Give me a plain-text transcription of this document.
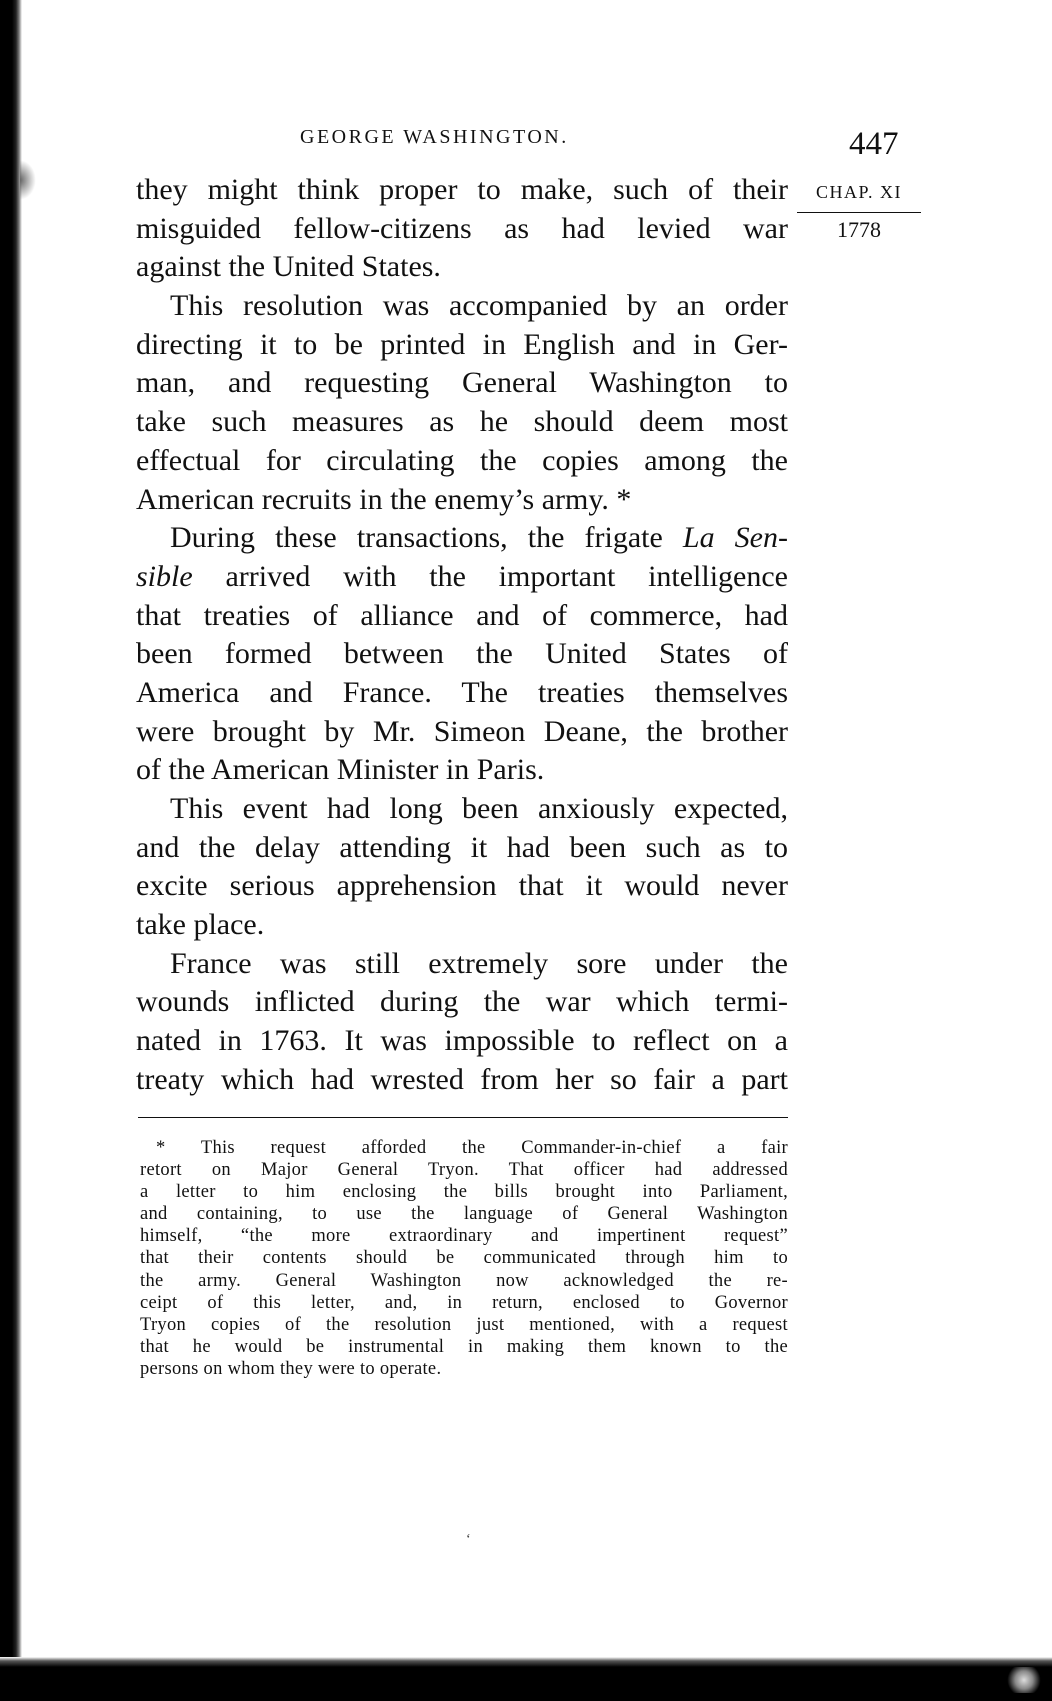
GEORGE WASHINGTON.	447
CHAP. XI
1778
they might think proper to make, such of their
misguided fellow-citizens as had levied war
against the United States.
This resolution was accompanied by an order
directing it to be printed in English and in Ger-
man, and requesting General Washington to
take such measures as he should deem most
effectual for circulating the copies among the
American recruits in the enemy’s army. *
During these transactions, the frigate La Sen-
sible arrived with the important intelligence
that treaties of alliance and of commerce, had
been formed between the United States of
America and France. The treaties themselves
were brought by Mr. Simeon Deane, the brother
of the American Minister in Paris.
This event had long been anxiously expected,
and the delay attending it had been such as to
excite serious apprehension that it would never
take place.
France was still extremely sore under the
wounds inflicted during the war which termi-
nated in 1763. It was impossible to reflect on a
treaty which had wrested from her so fair a part
* This request afforded the Commander-in-chief a fair
retort on Major General Tryon. That officer had addressed
a letter to him enclosing the bills brought into Parliament,
and containing, to use the language of General Washington
himself, “the more extraordinary and impertinent request”
that their contents should be communicated through him to
the army. General Washington now acknowledged the re-
ceipt of this letter, and, in return, enclosed to Governor
Tryon copies of the resolution just mentioned, with a request
that he would be instrumental in making them known to the
persons on whom they were to operate.
‘
